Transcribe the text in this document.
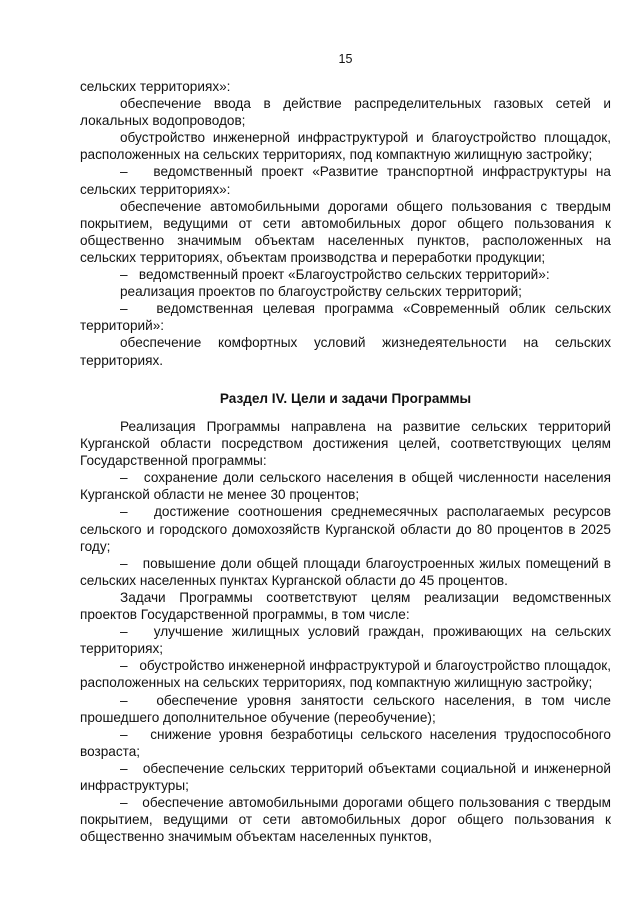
15

сельских территориях»:

обеспечение ввода в действие распределительных газовых сетей и локальных водопроводов;

обустройство инженерной инфраструктурой и благоустройство площадок, расположенных на сельских территориях, под компактную жилищную застройку;

–   ведомственный проект «Развитие транспортной инфраструктуры на сельских территориях»:

обеспечение автомобильными дорогами общего пользования с твердым покрытием, ведущими от сети автомобильных дорог общего пользования к общественно значимым объектам населенных пунктов, расположенных на сельских территориях, объектам производства и переработки продукции;

–   ведомственный проект «Благоустройство сельских территорий»:

реализация проектов по благоустройству сельских территорий;

–   ведомственная целевая программа «Современный облик сельских территорий»:

обеспечение комфортных условий жизнедеятельности на сельских территориях.

Раздел IV. Цели и задачи Программы

Реализация Программы направлена на развитие сельских территорий Курганской области посредством достижения целей, соответствующих целям Государственной программы:

–   сохранение доли сельского населения в общей численности населения Курганской области не менее 30 процентов;

–   достижение соотношения среднемесячных располагаемых ресурсов сельского и городского домохозяйств Курганской области до 80 процентов в 2025 году;

–   повышение доли общей площади благоустроенных жилых помещений в сельских населенных пунктах Курганской области до 45 процентов.

Задачи Программы соответствуют целям реализации ведомственных проектов Государственной программы, в том числе:

–   улучшение жилищных условий граждан, проживающих на сельских территориях;

–   обустройство инженерной инфраструктурой и благоустройство площадок, расположенных на сельских территориях, под компактную жилищную застройку;

–   обеспечение уровня занятости сельского населения, в том числе прошедшего дополнительное обучение (переобучение);

–   снижение уровня безработицы сельского населения трудоспособного возраста;

–   обеспечение сельских территорий объектами социальной и инженерной инфраструктуры;

–   обеспечение автомобильными дорогами общего пользования с твердым покрытием, ведущими от сети автомобильных дорог общего пользования к общественно значимым объектам населенных пунктов,
